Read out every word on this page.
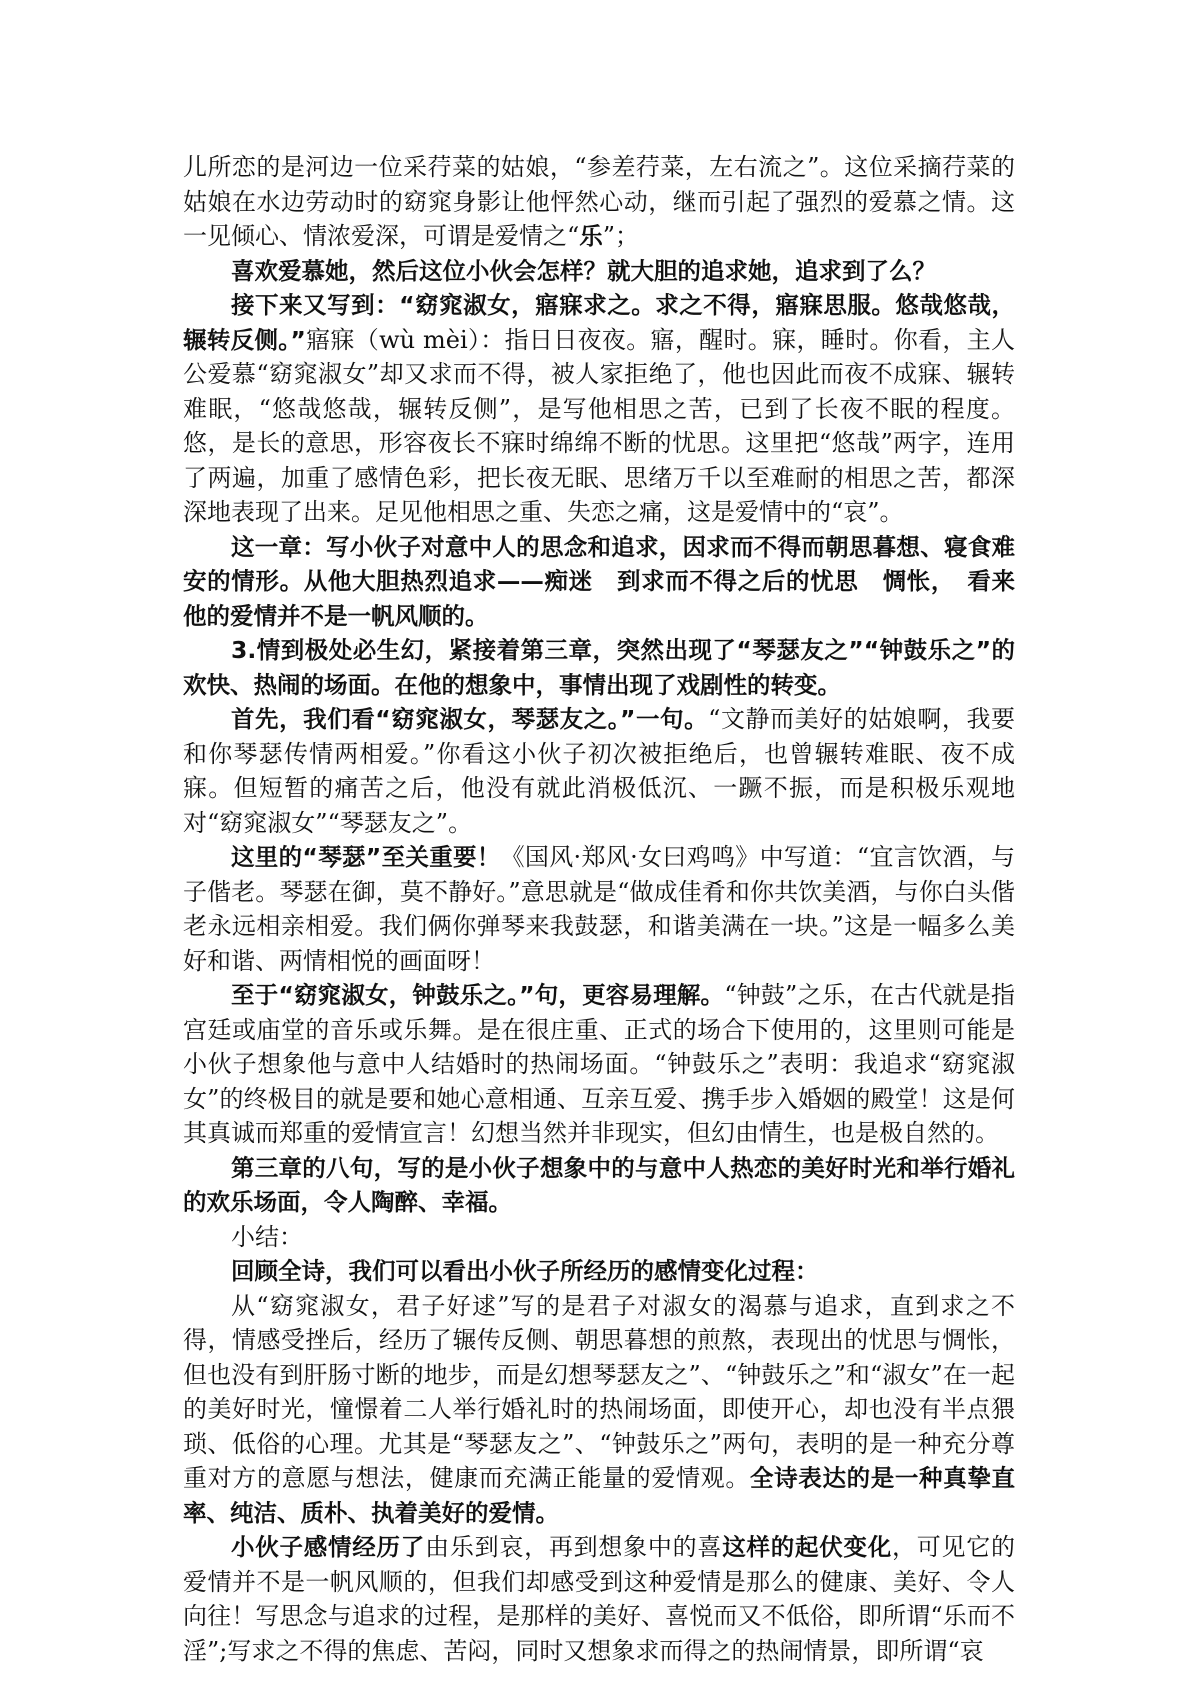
儿所恋的是河边一位采荇菜的姑娘，“参差荇菜，左右流之”。这位采摘荇菜的姑娘在水边劳动时的窈窕身影让他怦然心动，继而引起了强烈的爱慕之情。这一见倾心、情浓爱深，可谓是爱情之“乐”；

喜欢爱慕她，然后这位小伙会怎样？就大胆的追求她，追求到了么？

接下来又写到：“窈窕淑女，寤寐求之。求之不得，寤寐思服。悠哉悠哉，辗转反侧。”寤寐（wù mèi）：指日日夜夜。寤，醒时。寐，睡时。你看，主人公爱慕“窈窕淑女”却又求而不得，被人家拒绝了，他也因此而夜不成寐、辗转难眠，“悠哉悠哉，辗转反侧”，是写他相思之苦，已到了长夜不眠的程度。悠，是长的意思，形容夜长不寐时绵绵不断的忧思。这里把“悠哉”两字，连用了两遍，加重了感情色彩，把长夜无眠、思绪万千以至难耐的相思之苦，都深深地表现了出来。足见他相思之重、失恋之痛，这是爱情中的“哀”。

这一章：写小伙子对意中人的思念和追求，因求而不得而朝思暮想、寝食难安的情形。从他大胆热烈追求——痴迷　到求而不得之后的忧思　惆怅，　看来他的爱情并不是一帆风顺的。

3.情到极处必生幻，紧接着第三章，突然出现了“琴瑟友之”“钟鼓乐之”的欢快、热闹的场面。在他的想象中，事情出现了戏剧性的转变。

首先，我们看“窈窕淑女，琴瑟友之。”一句。“文静而美好的姑娘啊，我要和你琴瑟传情两相爱。”你看这小伙子初次被拒绝后，也曾辗转难眠、夜不成寐。但短暂的痛苦之后，他没有就此消极低沉、一蹶不振，而是积极乐观地对“窈窕淑女”“琴瑟友之”。

这里的“琴瑟”至关重要！《国风·郑风·女曰鸡鸣》中写道：“宜言饮酒，与子偕老。琴瑟在御，莫不静好。”意思就是“做成佳肴和你共饮美酒，与你白头偕老永远相亲相爱。我们俩你弹琴来我鼓瑟，和谐美满在一块。”这是一幅多么美好和谐、两情相悦的画面呀！

至于“窈窕淑女，钟鼓乐之。”句，更容易理解。“钟鼓”之乐，在古代就是指宫廷或庙堂的音乐或乐舞。是在很庄重、正式的场合下使用的，这里则可能是小伙子想象他与意中人结婚时的热闹场面。“钟鼓乐之”表明：我追求“窈窕淑女”的终极目的就是要和她心意相通、互亲互爱、携手步入婚姻的殿堂！这是何其真诚而郑重的爱情宣言！幻想当然并非现实，但幻由情生，也是极自然的。

第三章的八句，写的是小伙子想象中的与意中人热恋的美好时光和举行婚礼的欢乐场面，令人陶醉、幸福。

小结：

回顾全诗，我们可以看出小伙子所经历的感情变化过程：

从“窈窕淑女，君子好逑”写的是君子对淑女的渴慕与追求，直到求之不得，情感受挫后，经历了辗传反侧、朝思暮想的煎熬，表现出的忧思与惆怅，但也没有到肝肠寸断的地步，而是幻想琴瑟友之”、“钟鼓乐之”和“淑女”在一起的美好时光，憧憬着二人举行婚礼时的热闹场面，即使开心，却也没有半点猥琐、低俗的心理。尤其是“琴瑟友之”、“钟鼓乐之”两句，表明的是一种充分尊重对方的意愿与想法，健康而充满正能量的爱情观。全诗表达的是一种真挚直率、纯洁、质朴、执着美好的爱情。

小伙子感情经历了由乐到哀，再到想象中的喜这样的起伏变化，可见它的爱情并不是一帆风顺的，但我们却感受到这种爱情是那么的健康、美好、令人向往！写思念与追求的过程，是那样的美好、喜悦而又不低俗，即所谓“乐而不淫”;写求之不得的焦虑、苦闷，同时又想象求而得之的热闹情景，即所谓“哀
